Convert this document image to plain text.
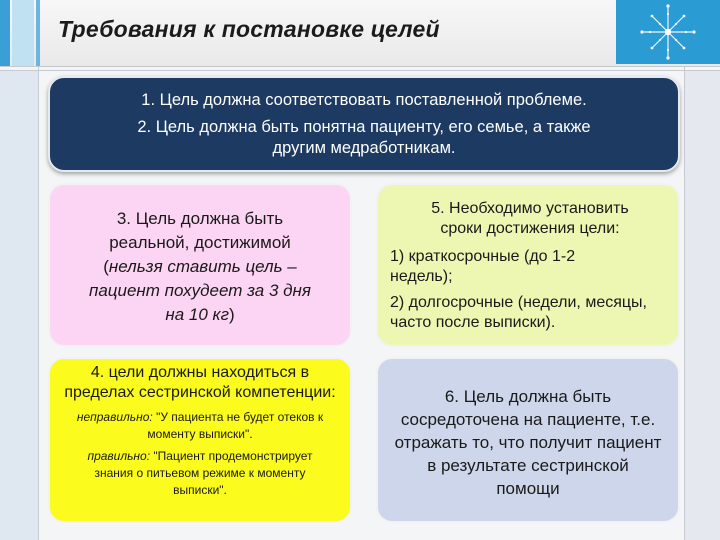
Требования к постановке целей

1. Цель должна соответствовать поставленной проблеме.

2. Цель должна быть понятна пациенту, его семье, а также другим медработникам.

3. Цель должна быть
реальной, достижимой
(нельзя ставить цель –
пациент похудеет за 3 дня
на 10 кг)
5. Необходимо установить сроки достижения цели:
1) краткосрочные (до 1-2 недель);
2) долгосрочные (недели, месяцы, часто после выписки).
4. цели должны находиться в пределах сестринской компетенции:
неправильно: "У пациента не будет отеков к моменту выписки".
правильно: "Пациент продемонстрирует знания о питьевом режиме к моменту выписки".
6. Цель должна быть сосредоточена на пациенте, т.е. отражать то, что получит пациент в результате сестринской помощи
